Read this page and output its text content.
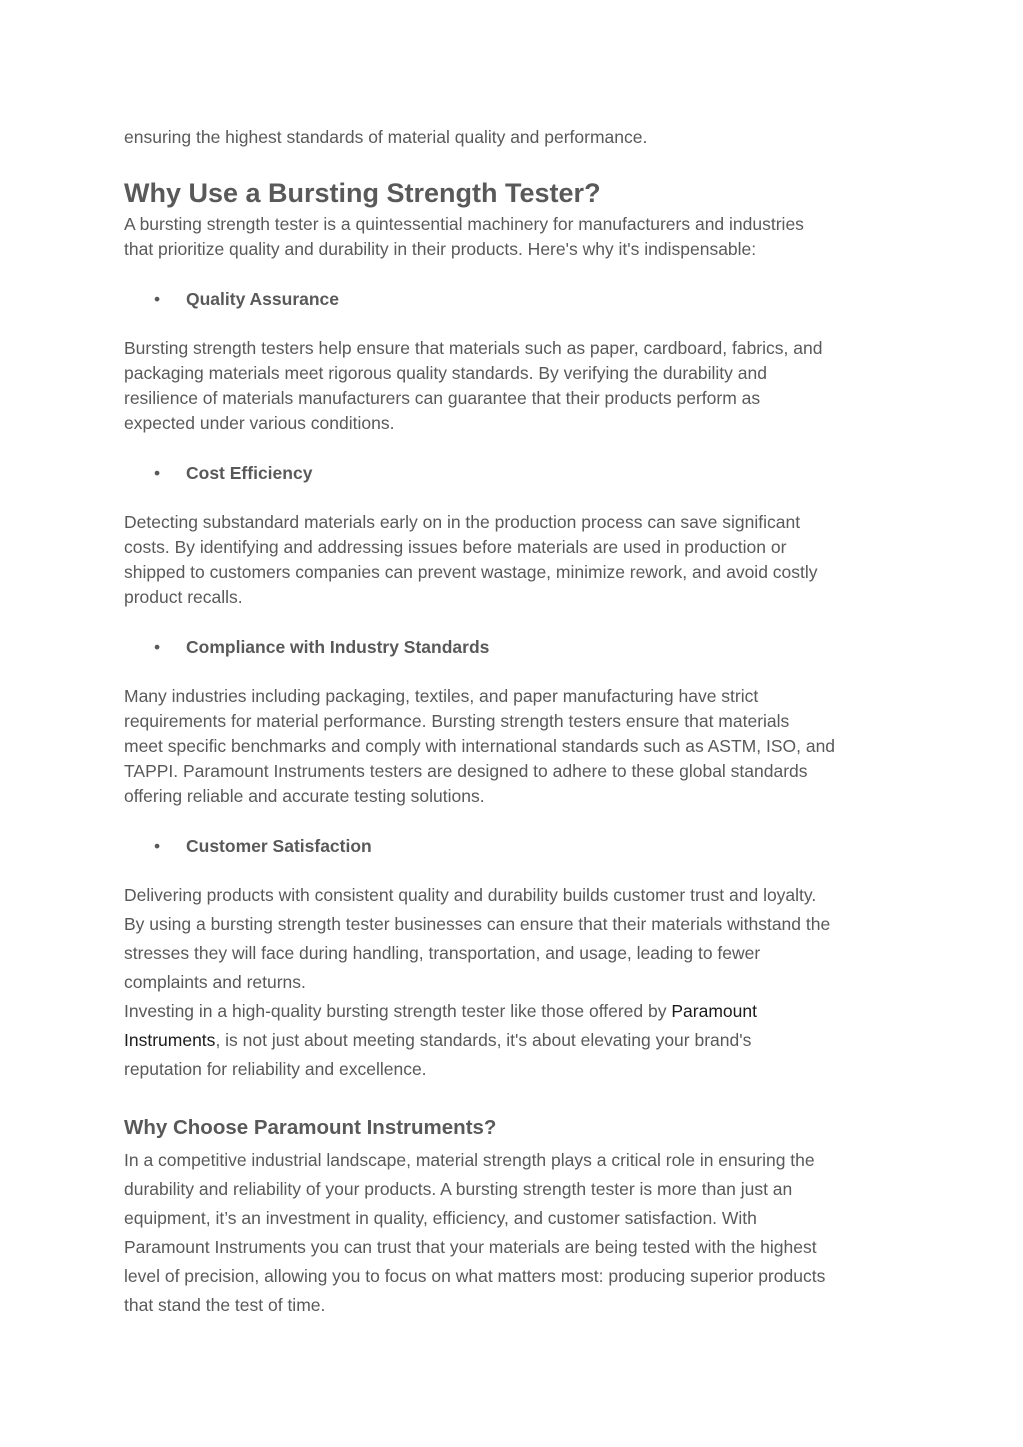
ensuring the highest standards of material quality and performance.
Why Use a Bursting Strength Tester?

A bursting strength tester is a quintessential machinery for manufacturers and industries
that prioritize quality and durability in their products. Here's why it's indispensable:

• Quality Assurance

Bursting strength testers help ensure that materials such as paper, cardboard, fabrics, and
packaging materials meet rigorous quality standards. By verifying the durability and
resilience of materials manufacturers can guarantee that their products perform as
expected under various conditions.

• Cost Efficiency

Detecting substandard materials early on in the production process can save significant
costs. By identifying and addressing issues before materials are used in production or
shipped to customers companies can prevent wastage, minimize rework, and avoid costly
product recalls.

• Compliance with Industry Standards

Many industries including packaging, textiles, and paper manufacturing have strict
requirements for material performance. Bursting strength testers ensure that materials
meet specific benchmarks and comply with international standards such as ASTM, ISO, and
TAPPI. Paramount Instruments testers are designed to adhere to these global standards
offering reliable and accurate testing solutions.

• Customer Satisfaction

Delivering products with consistent quality and durability builds customer trust and loyalty.
By using a bursting strength tester businesses can ensure that their materials withstand the
stresses they will face during handling, transportation, and usage, leading to fewer
complaints and returns.

Investing in a high-quality bursting strength tester like those offered by Paramount
Instruments, is not just about meeting standards, it's about elevating your brand's
reputation for reliability and excellence.

Why Choose Paramount Instruments?

In a competitive industrial landscape, material strength plays a critical role in ensuring the
durability and reliability of your products. A bursting strength tester is more than just an
equipment, it’s an investment in quality, efficiency, and customer satisfaction. With
Paramount Instruments you can trust that your materials are being tested with the highest
level of precision, allowing you to focus on what matters most: producing superior products
that stand the test of time.
